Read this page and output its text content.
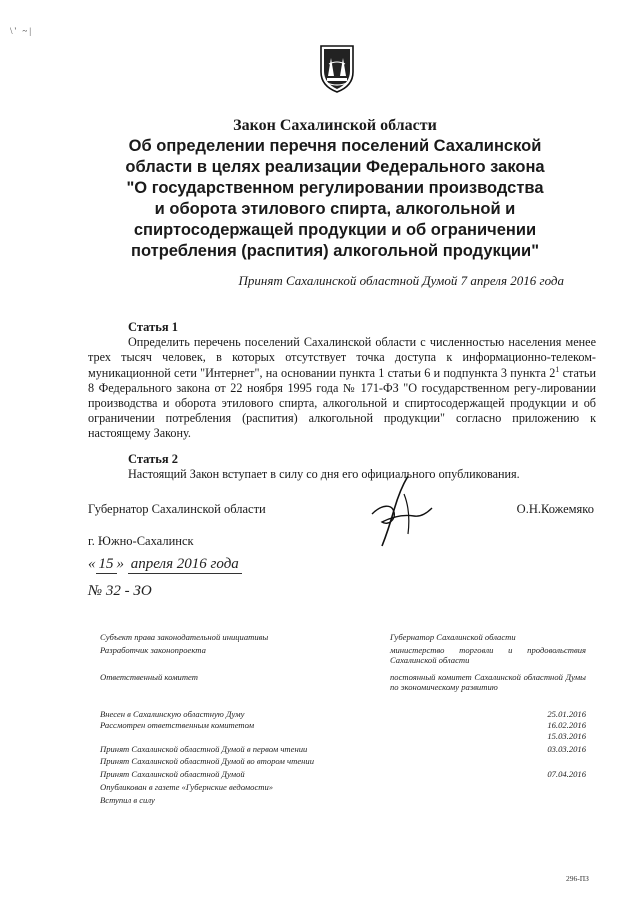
\' ~|
Закон Сахалинской области
Об определении перечня поселений Сахалинской
области в целях реализации Федерального закона
"О государственном регулировании производства
и оборота этилового спирта, алкогольной и
спиртосодержащей продукции и об ограничении
потребления (распития) алкогольной продукции"
Принят Сахалинской областной Думой 7 апреля 2016 года
Статья 1
Определить перечень поселений Сахалинской области с численностью населения менее трех тысяч человек, в которых отсутствует точка доступа к информационно-телеком-муникационной сети "Интернет", на основании пункта 1 статьи 6 и подпункта 3 пункта $2^1$ статьи 8 Федерального закона от 22 ноября 1995 года № 171-ФЗ "О государственном регу-лировании производства и оборота этилового спирта, алкогольной и спиртосодержащей продукции и об ограничении потребления (распития) алкогольной продукции" согласно приложению к настоящему Закону.
Статья 2
Настоящий Закон вступает в силу со дня его официального опубликования.
Губернатор Сахалинской области	О.Н.Кожемяко
г. Южно-Сахалинск
« 15 » апреля 2016 года
№ 32 - ЗО
Субъект права законодательной инициативы	Губернатор Сахалинской области
Разработчик законопроекта	министерство торговли и продовольствия Сахалинской области
Ответственный комитет	постоянный комитет Сахалинской областной Думы по экономическому развитию
Внесен в Сахалинскую областную Думу	25.01.2016
Рассмотрен ответственным комитетом	16.02.2016
15.03.2016
Принят Сахалинской областной Думой в первом чтении	03.03.2016
Принят Сахалинской областной Думой во втором чтении
Принят Сахалинской областной Думой	07.04.2016
Опубликован в газете «Губернские ведомости»
Вступил в силу
296-ПЗ
